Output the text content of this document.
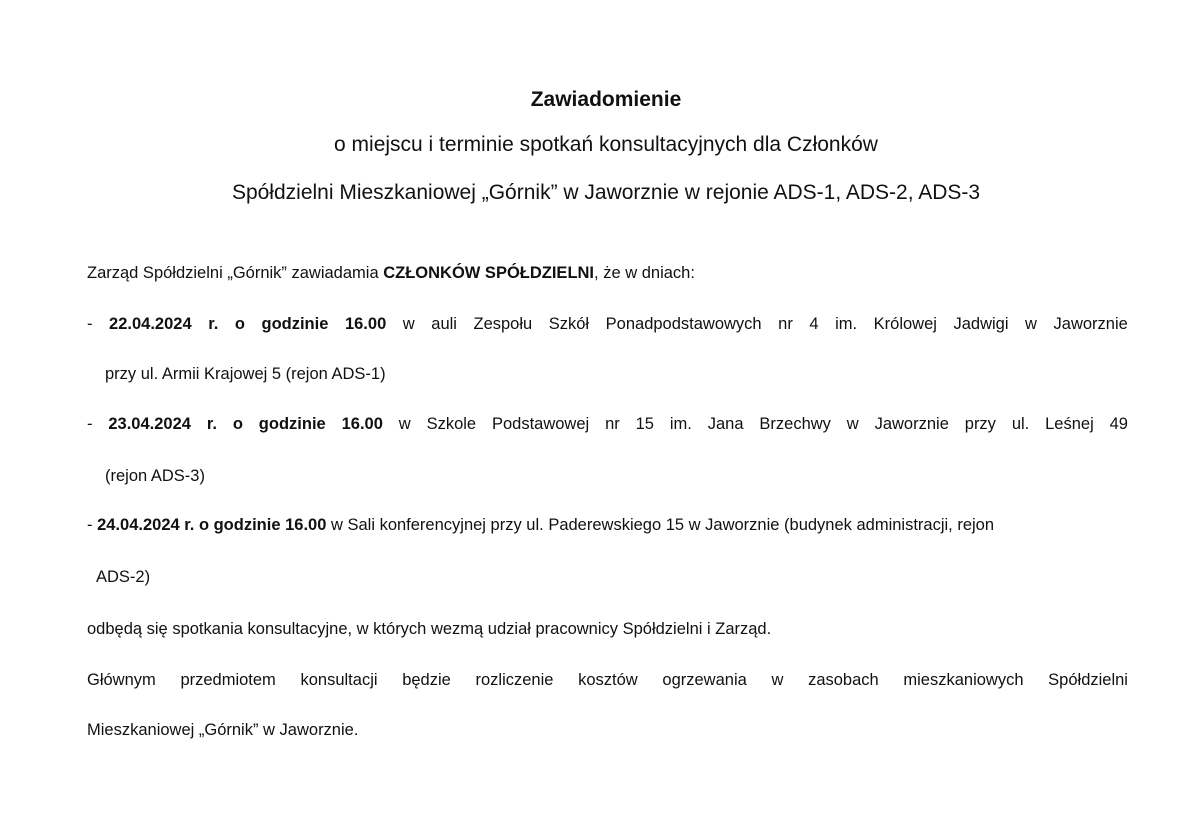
Zawiadomienie
o miejscu i terminie spotkań konsultacyjnych dla Członków
Spółdzielni Mieszkaniowej „Górnik” w Jaworznie w rejonie ADS-1, ADS-2, ADS-3
Zarząd Spółdzielni „Górnik” zawiadamia CZŁONKÓW SPÓŁDZIELNI, że w dniach:
- 22.04.2024 r. o godzinie 16.00 w auli Zespołu Szkół Ponadpodstawowych nr 4 im. Królowej Jadwigi w Jaworznie
przy ul. Armii Krajowej 5 (rejon ADS-1)
- 23.04.2024 r. o godzinie 16.00 w Szkole Podstawowej nr 15 im. Jana Brzechwy w Jaworznie przy ul. Leśnej 49
(rejon ADS-3)
- 24.04.2024 r. o godzinie 16.00 w Sali konferencyjnej przy ul. Paderewskiego 15 w Jaworznie (budynek administracji, rejon
ADS-2)
odbędą się spotkania konsultacyjne, w których wezmą udział pracownicy Spółdzielni i Zarząd.
Głównym przedmiotem konsultacji będzie rozliczenie kosztów ogrzewania w zasobach mieszkaniowych Spółdzielni
Mieszkaniowej „Górnik” w Jaworznie.
